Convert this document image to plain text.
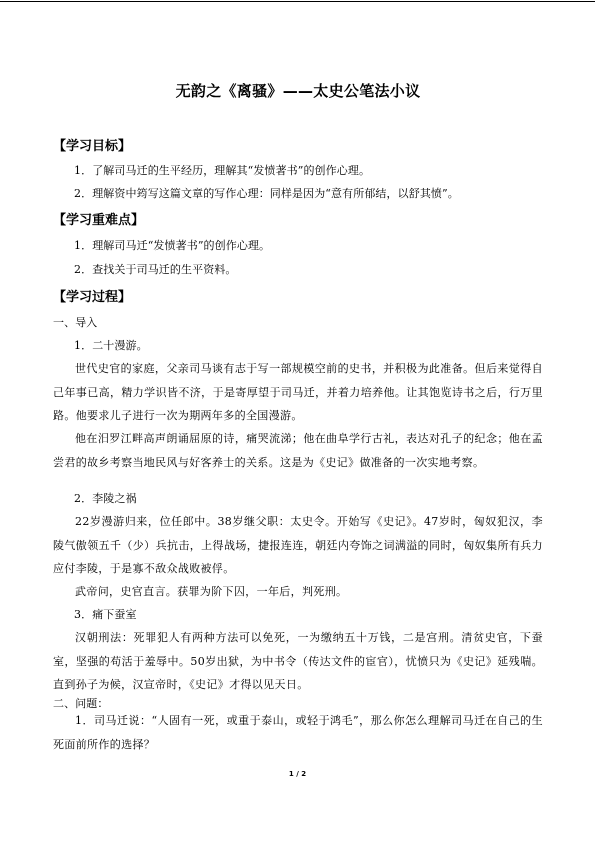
无韵之《离骚》——太史公笔法小议
【学习目标】
1．了解司马迁的生平经历，理解其“发愤著书”的创作心理。
2．理解资中筠写这篇文章的写作心理：同样是因为“意有所郁结，以舒其愤”。
【学习重难点】
1．理解司马迁“发愤著书”的创作心理。
2．查找关于司马迁的生平资料。
【学习过程】
一、导入
1．二十漫游。
世代史官的家庭，父亲司马谈有志于写一部规模空前的史书，并积极为此准备。但后来觉得自己年事已高，精力学识皆不济，于是寄厚望于司马迁，并着力培养他。让其饱览诗书之后，行万里路。他要求儿子进行一次为期两年多的全国漫游。
他在汨罗江畔高声朗诵屈原的诗，痛哭流涕；他在曲阜学行古礼，表达对孔子的纪念；他在孟尝君的故乡考察当地民风与好客养士的关系。这是为《史记》做准备的一次实地考察。
2．李陵之祸
22岁漫游归来，位任郎中。38岁继父职：太史令。开始写《史记》。47岁时，匈奴犯汉，李陵气傲领五千（少）兵抗击，上得战场，捷报连连，朝廷内夸饰之词满溢的同时，匈奴集所有兵力应付李陵，于是寡不敌众战败被俘。
武帝问，史官直言。获罪为阶下囚，一年后，判死刑。
3．痛下蚕室
汉朝刑法：死罪犯人有两种方法可以免死，一为缴纳五十万钱，二是宫刑。清贫史官，下蚕室，坚强的苟活于羞辱中。50岁出狱，为中书令（传达文件的宦官），忧愤只为《史记》延残喘。直到孙子为候，汉宣帝时，《史记》才得以见天日。
二、问题：
1．司马迁说：“人固有一死，或重于泰山，或轻于鸿毛”，那么你怎么理解司马迁在自己的生死面前所作的选择？
1 / 2
